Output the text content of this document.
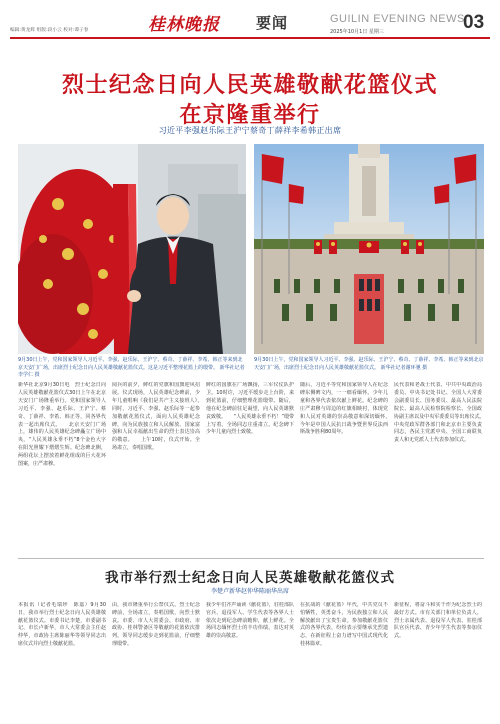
编辑:黄龙辉 组版:段小云 校对:谭子春	桂林晚报 要闻	GUILIN EVENING NEWS
2025年10月1日 星期三	03
烈士纪念日向人民英雄敬献花篮仪式
在京隆重举行
习近平李强赵乐际王沪宁蔡奇丁薛祥李希韩正出席
9月30日上午，党和国家领导人习近平、李强、赵乐际、王沪宁、蔡奇、丁薛祥、李希、韩正等来到北京天安门广场，出席烈士纪念日向人民英雄敬献花篮仪式。这是习近平整理花篮上的缎带。 新华社记者李学仁 摄
9月30日上午，党和国家领导人习近平、李强、赵乐际、王沪宁、蔡奇、丁薛祥、李希、韩正等来到北京天安门广场，出席烈士纪念日向人民英雄敬献花篮仪式。 新华社记者谢环驰 摄
新华社北京9月30日电　烈士纪念日向人民英雄敬献花篮仪式30日上午在北京天安门广场隆重举行。党和国家领导人习近平、李强、赵乐际、王沪宁、蔡奇、丁薛祥、李希、韩正等，同各界代表一起出席仪式。　　北京天安门广场上，雄伟的人民英雄纪念碑矗立广场中央，“人民英雄永垂不朽”8个金色大字在阳光照耀下熠熠生辉。纪念碑北侧，两组花坛上摆放着鲜花组成的巨大花环图案，庄严肃穆。
阅兵的前夕，鲜红的党旗和国旗迎风招展。仪式现场，人民英雄纪念碑前，少年儿童唱响《我们是共产主义接班人》。　　同时，习近平、李强、赵乐际等一起参加敬献花篮仪式，面向人民英雄纪念碑，向为民族独立和人民解放、国家富强和人民幸福献出生命的烈士表达崇高的敬意。　　上午10时，仪式开始。全场肃立，奏唱国歌。
鲜红的国旗在广场飘扬，三军仪仗队护卫。10时许，习近平缓步走上台阶，来到花篮前，仔细整理花篮缎带。随后，他在纪念碑前驻足凝望，向人民英雄默哀致敬。　　“人民英雄永垂不朽！”缎带上写着。全场同志庄重肃立。纪念碑下少年儿童向烈士致敬。
随后，习近平等党和国家领导人在纪念碑东侧碑文内，一一细看缅怀。少年儿童和各界代表依次献上鲜花。纪念碑的庄严肃穆与周边的红旗相映衬，体现党和人民对英雄的崇高敬意和深切缅怀。　　今年是中国人民抗日战争暨世界反法西斯战争胜利80周年。
民代表和老战士代表、中共中央政治局委员、中央书记处书记、全国人大常委会副委员长、国务委员、最高人民法院院长、最高人民检察院检察长、全国政协副主席以及中央军委委员等出席仪式。　　中央党政军群各部门和北京市主要负责同志，各民主党派中央、全国工商联负责人和无党派人士代表参加仪式。
我市举行烈士纪念日向人民英雄敬献花篮仪式
李楚卢新华赵仲华陈丽华出席
本报讯（记者毛瑞珍　陈嘉）9月30日，我市举行烈士纪念日向人民英雄敬献花篮仪式。市委书记李楚，市委副书记、市长卢新华，市人大常委会主任赵仲华，市政协主席陈丽华等领导同志出席仪式并向烈士敬献花篮。
由，我市隆重举行公祭仪式。烈士纪念碑前，全场肃立，奏唱国歌，向烈士默哀。市委、市人大常委会、市政府、市政协、桂林警备区等敬献的花篮依次排列。领导同志缓步走到花篮前，仔细整理缎带。
我少年们齐声诵读《献花篮》，驻桂部队官兵、退役军人、学生代表等各界人士依次走到纪念碑前瞻仰，献上鲜花。全场同志缅怀烈士的丰功伟绩，表达对英雄的崇高敬意。
在抗战的《献花篮》年代，中共党员不怕牺牲，英勇奋斗，为民族独立和人民解放献出了宝贵生命。参加敬献花篮仪式的各界代表，纷纷表示要继承先烈遗志，在新征程上奋力谱写中国式现代化桂林篇章。
新征程，将奋斗和实干作为纪念烈士的最好方式。市有关部门和单位负责人，烈士亲属代表、退役军人代表、驻桂部队官兵代表、青少年学生代表等参加仪式。
